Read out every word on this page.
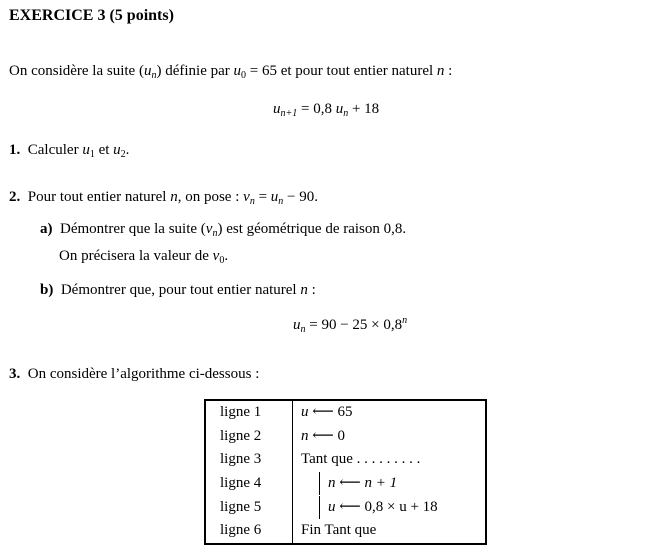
EXERCICE 3 (5 points)
On considère la suite $(u_n)$ définie par $u_0 = 65$ et pour tout entier naturel n :
$u_{n+1} = 0,8$ $u_n + 18$
1. Calculer $u_1$ et $u_2$.
2. Pour tout entier naturel n, on pose : $v_n = u_n - 90$.
a) Démontrer que la suite $(v_n)$ est géométrique de raison 0,8.
On précisera la valeur de $v_0$.
b) Démontrer que, pour tout entier naturel n :
$u_n = 90 - 25 \times 0,8^n$
3. On considère l’algorithme ci-dessous :
ligne 1	u ⟵ 65
ligne 2	n ⟵ 0
ligne 3	Tant que . . . . . . . . .
ligne 4	n ⟵ n + 1
ligne 5	u ⟵ 0,8 × u + 18
ligne 6	Fin Tant que
